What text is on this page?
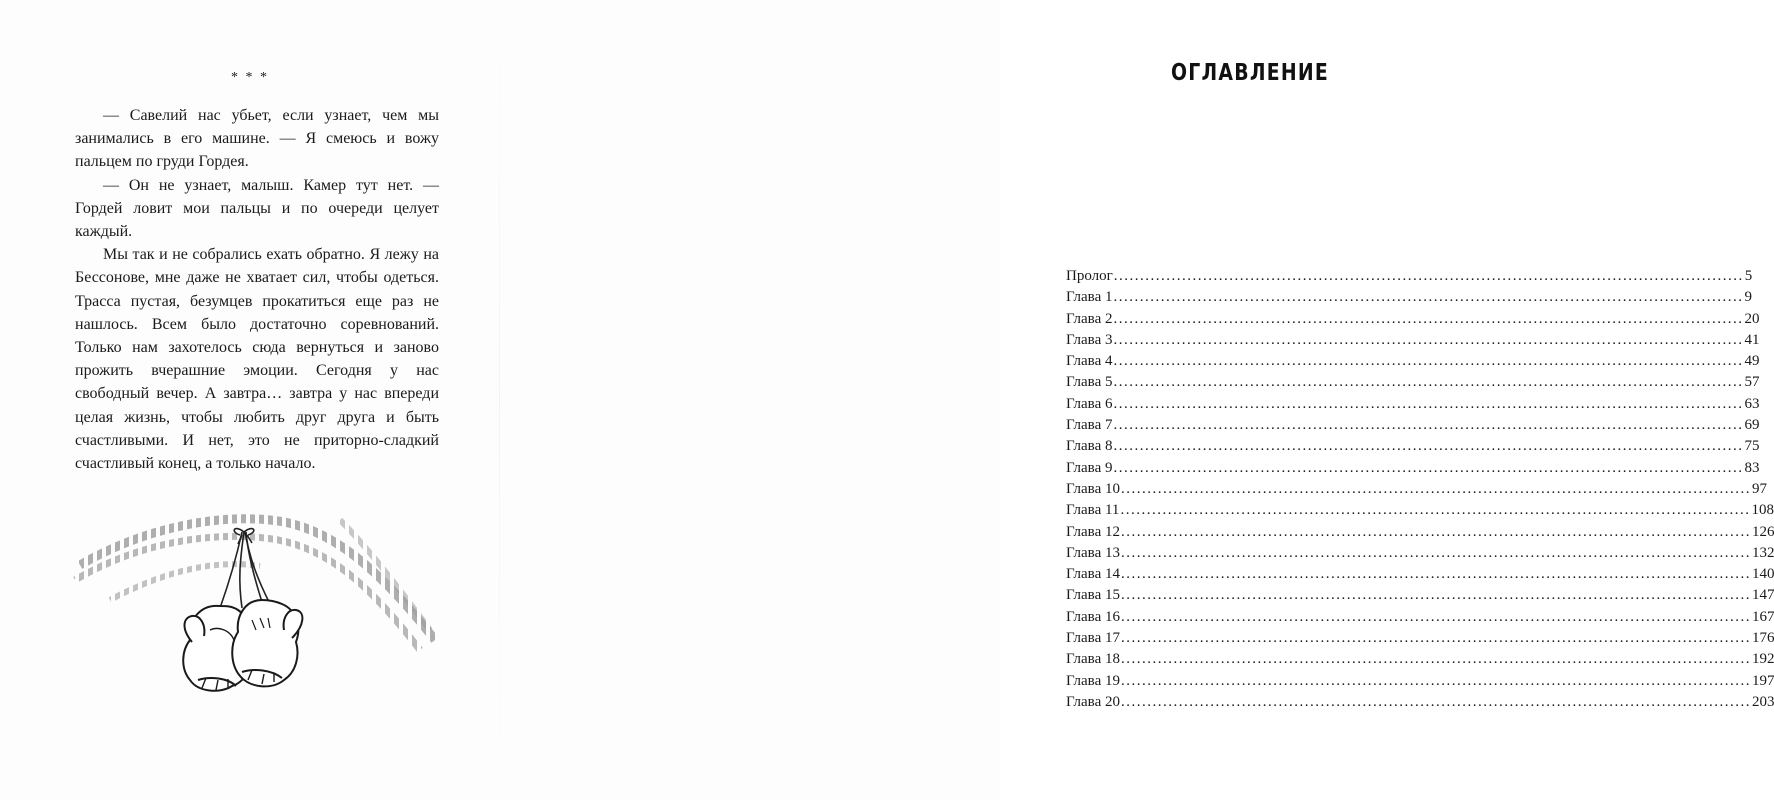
* * *

— Савелий нас убьет, если узнает, чем мы занимались в его машине. — Я смеюсь и вожу пальцем по груди Гордея.

— Он не узнает, малыш. Камер тут нет. — Гордей ловит мои пальцы и по очереди целует каждый.

Мы так и не собрались ехать обратно. Я лежу на Бессонове, мне даже не хватает сил, чтобы одеться. Трасса пустая, безумцев прокатиться еще раз не нашлось. Всем было достаточно соревнований. Только нам захотелось сюда вернуться и заново прожить вчерашние эмоции. Сегодня у нас свободный вечер. А завтра… завтра у нас впереди целая жизнь, чтобы любить друг друга и быть счастливыми. И нет, это не приторно-сладкий счастливый конец, а только начало.

ОГЛАВЛЕНИЕ
Пролог ........................................................................................................................ 5
Глава 1 ........................................................................................................................ 9
Глава 2 ........................................................................................................................ 20
Глава 3 ........................................................................................................................ 41
Глава 4 ........................................................................................................................ 49
Глава 5 ........................................................................................................................ 57
Глава 6 ........................................................................................................................ 63
Глава 7 ........................................................................................................................ 69
Глава 8 ........................................................................................................................ 75
Глава 9 ........................................................................................................................ 83
Глава 10 ........................................................................................................................ 97
Глава 11 ........................................................................................................................ 108
Глава 12 ........................................................................................................................ 126
Глава 13 ........................................................................................................................ 132
Глава 14 ........................................................................................................................ 140
Глава 15 ........................................................................................................................ 147
Глава 16 ........................................................................................................................ 167
Глава 17 ........................................................................................................................ 176
Глава 18 ........................................................................................................................ 192
Глава 19 ........................................................................................................................ 197
Глава 20 ........................................................................................................................ 203
